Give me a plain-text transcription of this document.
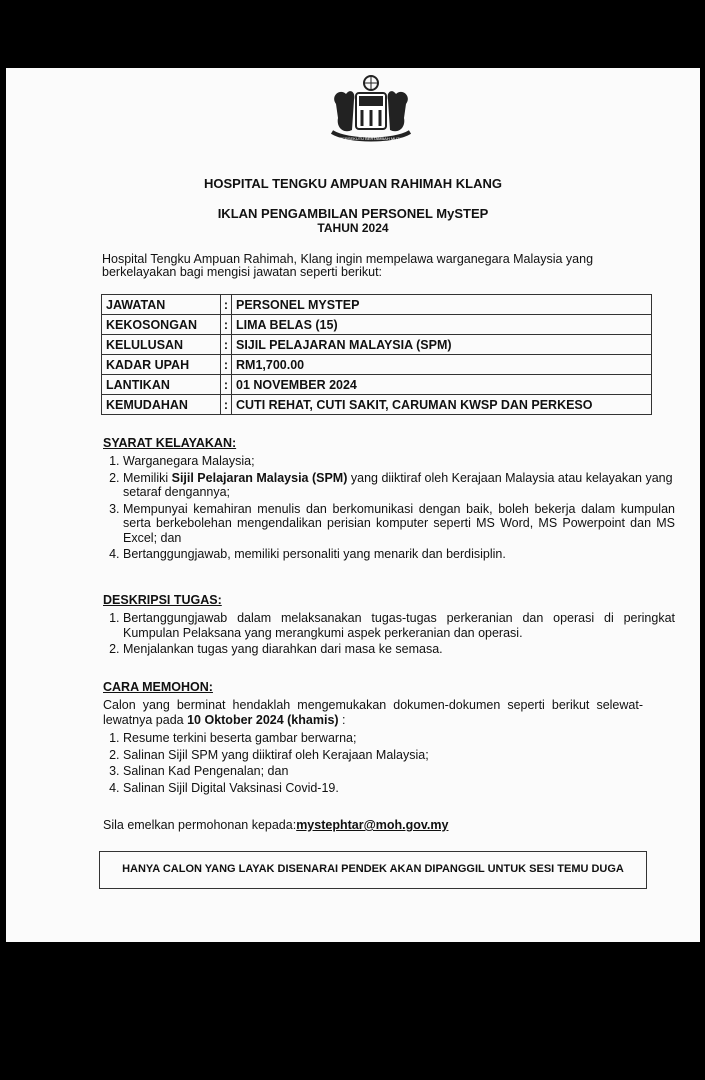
BERSEKUTU BERTAMBAH MUTU
HOSPITAL TENGKU AMPUAN RAHIMAH KLANG
IKLAN PENGAMBILAN PERSONEL MySTEP
TAHUN 2024
Hospital Tengku Ampuan Rahimah, Klang ingin mempelawa warganegara Malaysia yang berkelayakan bagi mengisi jawatan seperti berikut:
JAWATAN	:	PERSONEL MYSTEP
KEKOSONGAN	:	LIMA BELAS (15)
KELULUSAN	:	SIJIL PELAJARAN MALAYSIA (SPM)
KADAR UPAH	:	RM1,700.00
LANTIKAN	:	01 NOVEMBER 2024
KEMUDAHAN	:	CUTI REHAT, CUTI SAKIT, CARUMAN KWSP DAN PERKESO
SYARAT KELAYAKAN:
1. Warganegara Malaysia;
2. Memiliki Sijil Pelajaran Malaysia (SPM) yang diiktiraf oleh Kerajaan Malaysia atau kelayakan yang setaraf dengannya;
3. Mempunyai kemahiran menulis dan berkomunikasi dengan baik, boleh bekerja dalam kumpulan serta berkebolehan mengendalikan perisian komputer seperti MS Word, MS Powerpoint dan MS Excel; dan
4. Bertanggungjawab, memiliki personaliti yang menarik dan berdisiplin.
DESKRIPSI TUGAS:
1. Bertanggungjawab dalam melaksanakan tugas-tugas perkeranian dan operasi di peringkat Kumpulan Pelaksana yang merangkumi aspek perkeranian dan operasi.
2. Menjalankan tugas yang diarahkan dari masa ke semasa.
CARA MEMOHON:
Calon yang berminat hendaklah mengemukakan dokumen-dokumen seperti berikut selewat-lewatnya pada 10 Oktober 2024 (khamis) :
1. Resume terkini beserta gambar berwarna;
2. Salinan Sijil SPM yang diiktiraf oleh Kerajaan Malaysia;
3. Salinan Kad Pengenalan; dan
4. Salinan Sijil Digital Vaksinasi Covid-19.
Sila emelkan permohonan kepada:mystephtar@moh.gov.my
HANYA CALON YANG LAYAK DISENARAI PENDEK AKAN DIPANGGIL UNTUK SESI TEMU DUGA
